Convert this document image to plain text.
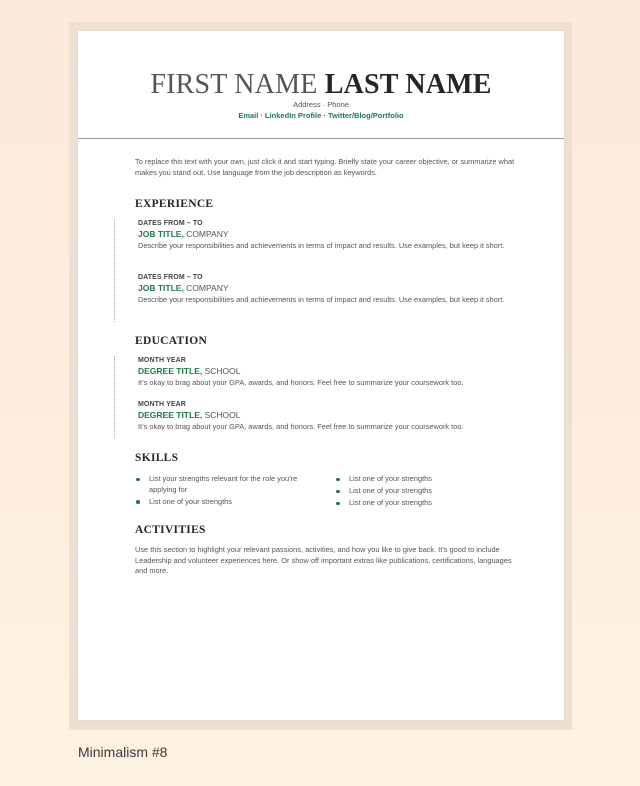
FIRST NAME LAST NAME
Address · Phone
Email · LinkedIn Profile · Twitter/Blog/Portfolio
To replace this text with your own, just click it and start typing. Briefly state your career objective, or summarize what makes you stand out. Use language from the job description as keywords.
EXPERIENCE
DATES FROM – TO
JOB TITLE, COMPANY
Describe your responsibilities and achievements in terms of impact and results. Use examples, but keep it short.
DATES FROM – TO
JOB TITLE, COMPANY
Describe your responsibilities and achievements in terms of impact and results. Use examples, but keep it short.
EDUCATION
MONTH YEAR
DEGREE TITLE, SCHOOL
It’s okay to brag about your GPA, awards, and honors. Feel free to summarize your coursework too.
MONTH YEAR
DEGREE TITLE, SCHOOL
It’s okay to brag about your GPA, awards, and honors. Feel free to summarize your coursework too.
SKILLS
List your strengths relevant for the role you’re applying for
List one of your strengths
List one of your strengths
List one of your strengths
List one of your strengths
ACTIVITIES
Use this section to highlight your relevant passions, activities, and how you like to give back. It’s good to include Leadership and volunteer experiences here. Or show off important extras like publications, certifications, languages and more.
Minimalism #8
